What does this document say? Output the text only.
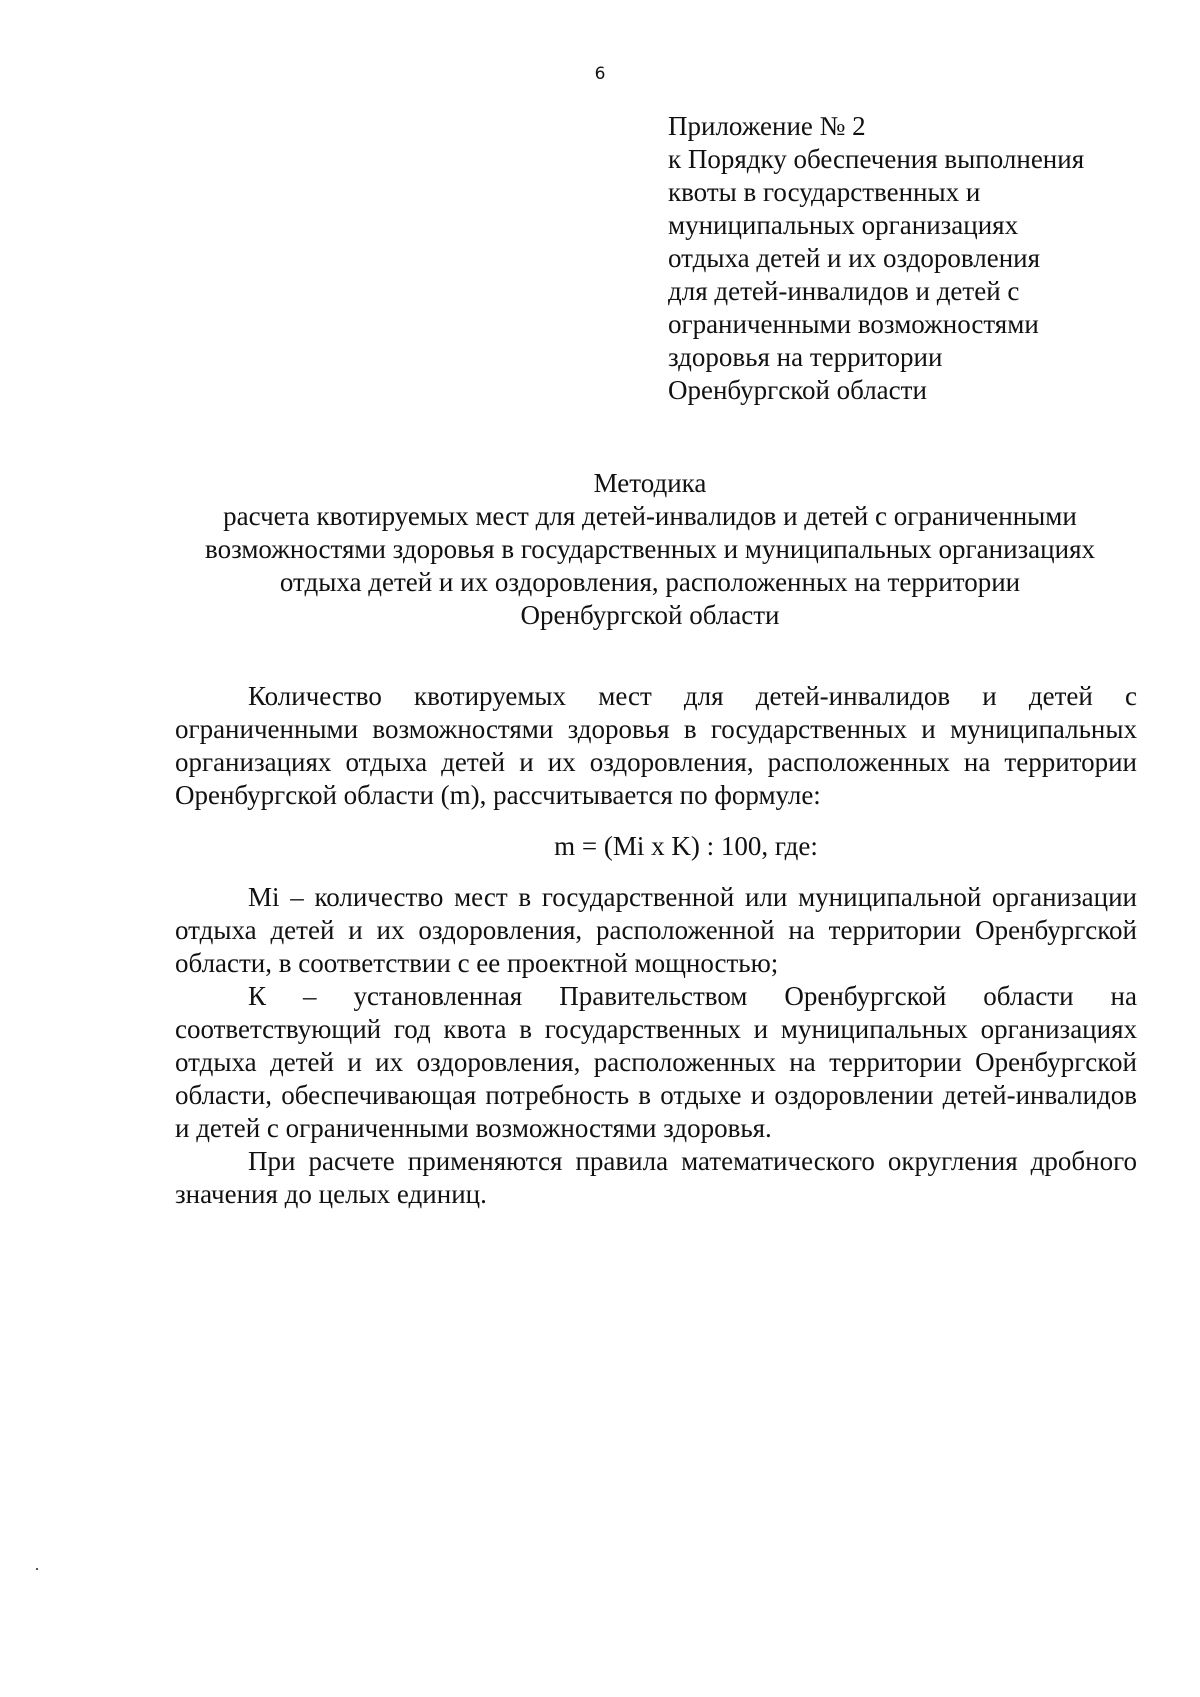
6
Приложение № 2
к Порядку обеспечения выполнения
квоты в государственных и
муниципальных организациях
отдыха детей и их оздоровления
для детей-инвалидов и детей с
ограниченными возможностями
здоровья на территории
Оренбургской области
Методика
расчета квотируемых мест для детей-инвалидов и детей с ограниченными
возможностями здоровья в государственных и муниципальных организациях
отдыха детей и их оздоровления, расположенных на территории
Оренбургской области

Количество квотируемых мест для детей-инвалидов и детей с ограниченными возможностями здоровья в государственных и муниципальных организациях отдыха детей и их оздоровления, расположенных на территории Оренбургской области (m), рассчитывается по формуле:

m = (Mi x K) : 100, где:

Mi – количество мест в государственной или муниципальной организации отдыха детей и их оздоровления, расположенной на территории Оренбургской области, в соответствии с ее проектной мощностью;

К – установленная Правительством Оренбургской области на соответствующий год квота в государственных и муниципальных организациях отдыха детей и их оздоровления, расположенных на территории Оренбургской области, обеспечивающая потребность в отдыхе и оздоровлении детей-инвалидов и детей с ограниченными возможностями здоровья.

При расчете применяются правила математического округления дробного значения до целых единиц.
